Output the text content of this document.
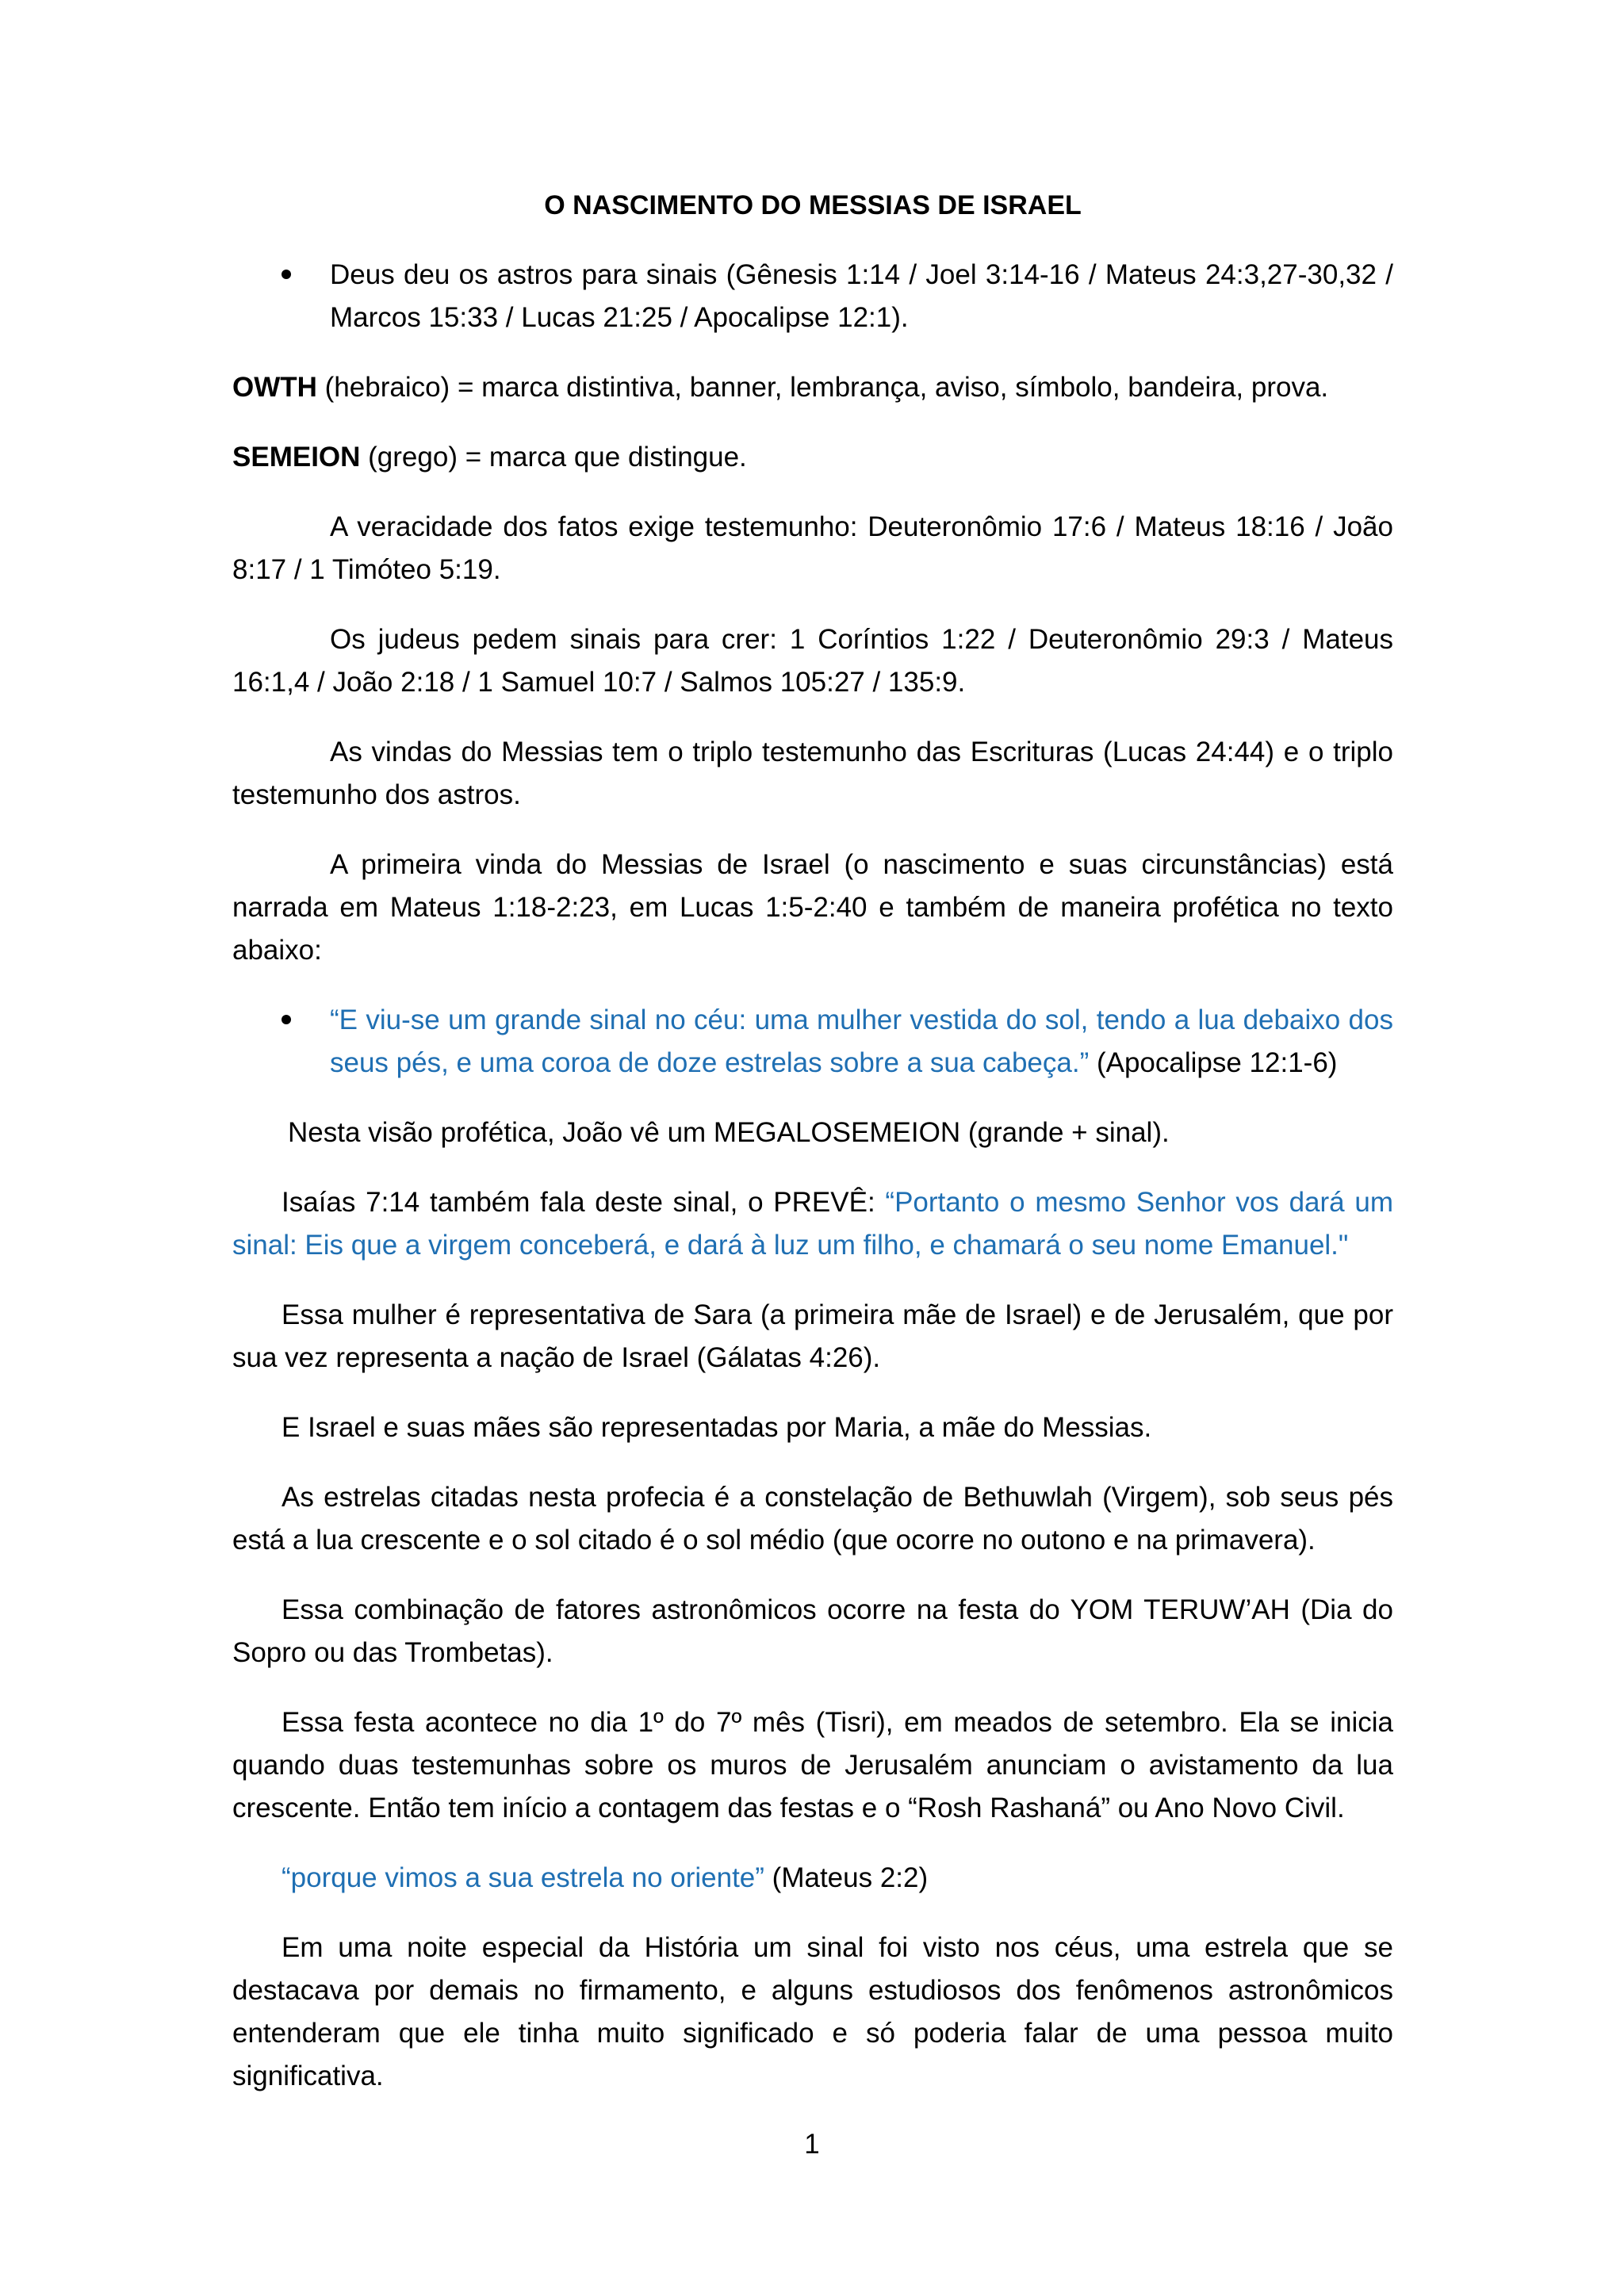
O NASCIMENTO DO MESSIAS DE ISRAEL
Deus deu os astros para sinais (Gênesis 1:14 / Joel 3:14-16 / Mateus 24:3,27-30,32 / Marcos 15:33 / Lucas 21:25 / Apocalipse 12:1).
OWTH (hebraico) = marca distintiva, banner, lembrança, aviso, símbolo, bandeira, prova.
SEMEION (grego) = marca que distingue.
A veracidade dos fatos exige testemunho: Deuteronômio 17:6 / Mateus 18:16 / João 8:17 / 1 Timóteo 5:19.
Os judeus pedem sinais para crer: 1 Coríntios 1:22 / Deuteronômio 29:3 / Mateus 16:1,4 / João 2:18 / 1 Samuel 10:7 / Salmos 105:27 / 135:9.
As vindas do Messias tem o triplo testemunho das Escrituras (Lucas 24:44) e o triplo testemunho dos astros.
A primeira vinda do Messias de Israel (o nascimento e suas circunstâncias) está narrada em Mateus 1:18-2:23, em Lucas 1:5-2:40 e também de maneira profética no texto abaixo:
“E viu-se um grande sinal no céu: uma mulher vestida do sol, tendo a lua debaixo dos seus pés, e uma coroa de doze estrelas sobre a sua cabeça.” (Apocalipse 12:1-6)
Nesta visão profética, João vê um MEGALOSEMEION (grande + sinal).
Isaías 7:14 também fala deste sinal, o PREVÊ: “Portanto o mesmo Senhor vos dará um sinal: Eis que a virgem conceberá, e dará à luz um filho, e chamará o seu nome Emanuel."
Essa mulher é representativa de Sara (a primeira mãe de Israel) e de Jerusalém, que por sua vez representa a nação de Israel (Gálatas 4:26).
E Israel e suas mães são representadas por Maria, a mãe do Messias.
As estrelas citadas nesta profecia é a constelação de Bethuwlah (Virgem), sob seus pés está a lua crescente e o sol citado é o sol médio (que ocorre no outono e na primavera).
Essa combinação de fatores astronômicos ocorre na festa do YOM TERUW’AH (Dia do Sopro ou das Trombetas).
Essa festa acontece no dia 1º do 7º mês (Tisri), em meados de setembro. Ela se inicia quando duas testemunhas sobre os muros de Jerusalém anunciam o avistamento da lua crescente. Então tem início a contagem das festas e o “Rosh Rashaná” ou Ano Novo Civil.
“porque vimos a sua estrela no oriente” (Mateus 2:2)
Em uma noite especial da História um sinal foi visto nos céus, uma estrela que se destacava por demais no firmamento, e alguns estudiosos dos fenômenos astronômicos entenderam que ele tinha muito significado e só poderia falar de uma pessoa muito significativa.
1
